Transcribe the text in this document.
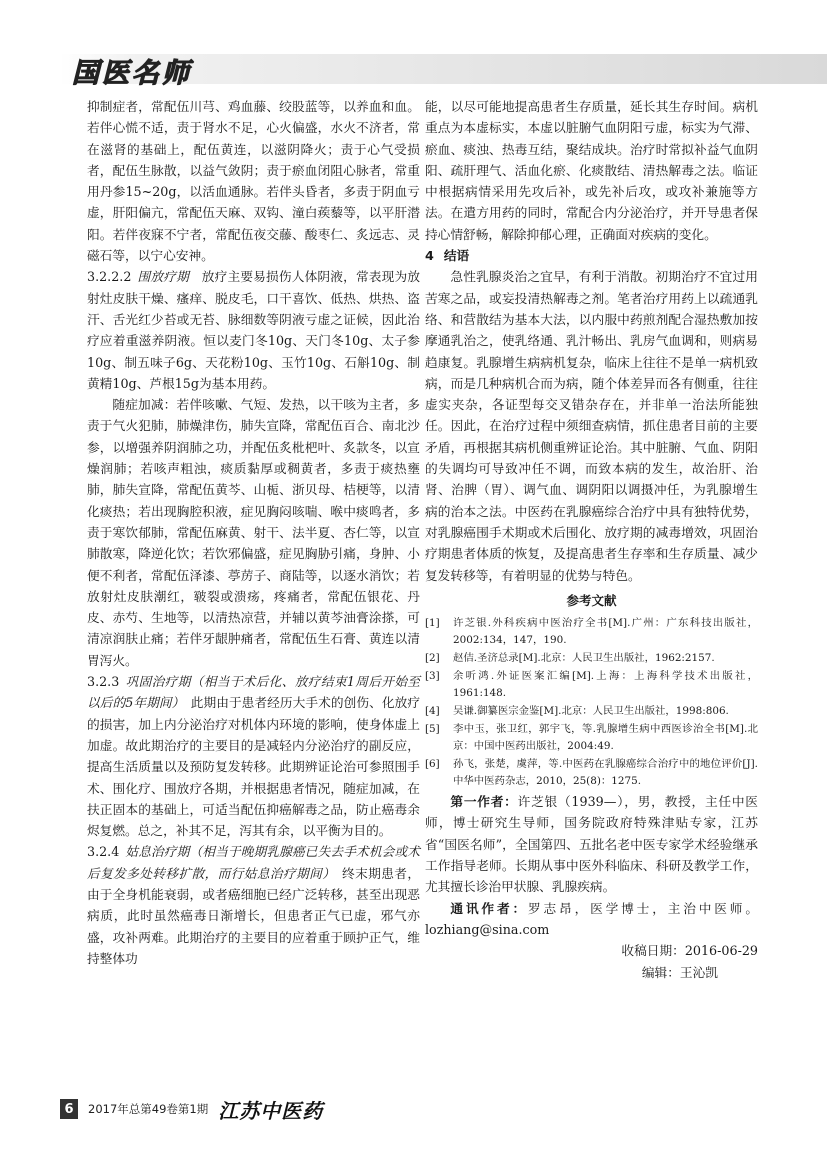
国医名师

抑制症者，常配伍川芎、鸡血藤、绞股蓝等，以养血和血。若伴心慌不适，责于肾水不足，心火偏盛，水火不济者，常在滋肾的基础上，配伍黄连，以滋阴降火；责于心气受损者，配伍生脉散，以益气敛阴；责于瘀血闭阻心脉者，常重用丹参15~20g，以活血通脉。若伴头昏者，多责于阴血亏虚，肝阳偏亢，常配伍天麻、双钩、潼白蒺藜等，以平肝潜阳。若伴夜寐不宁者，常配伍夜交藤、酸枣仁、炙远志、灵磁石等，以宁心安神。

3.2.2.2 围放疗期　 放疗主要易损伤人体阴液，常表现为放射灶皮肤干燥、瘙痒、脱皮毛，口干喜饮、低热、烘热、盗汗、舌光红少苔或无苔、脉细数等阴液亏虚之证候，因此治疗应着重滋养阴液。恒以麦门冬10g、天门冬10g、太子参10g、制五味子6g、天花粉10g、玉竹10g、石斛10g、制黄精10g、芦根15g为基本用药。

随症加减：若伴咳嗽、气短、发热，以干咳为主者，多责于气火犯肺，肺燥津伤，肺失宣降，常配伍百合、南北沙参，以增强养阴润肺之功，并配伍炙枇杷叶、炙款冬，以宣燥润肺；若咳声粗浊，痰质黏厚或稠黄者，多责于痰热壅肺，肺失宣降，常配伍黄芩、山栀、浙贝母、桔梗等，以清化痰热；若出现胸腔积液，症见胸闷咳喘、喉中痰鸣者，多责于寒饮郁肺，常配伍麻黄、射干、法半夏、杏仁等，以宣肺散寒，降逆化饮；若饮邪偏盛，症见胸胁引痛，身肿、小便不利者，常配伍泽漆、葶苈子、商陆等，以逐水消饮；若放射灶皮肤潮红，皲裂或溃疡，疼痛者，常配伍银花、丹皮、赤芍、生地等，以清热凉营，并辅以黄芩油膏涂搽，可清凉润肤止痛；若伴牙龈肿痛者，常配伍生石膏、黄连以清胃泻火。

3.2.3 巩固治疗期（相当于术后化、放疗结束1周后开始至以后的5年期间）　 此期由于患者经历大手术的创伤、化放疗的损害，加上内分泌治疗对机体内环境的影响，使身体虚上加虚。故此期治疗的主要目的是减轻内分泌治疗的副反应，提高生活质量以及预防复发转移。此期辨证论治可参照围手术、围化疗、围放疗各期，并根据患者情况，随症加减，在扶正固本的基础上，可适当配伍抑癌解毒之品，防止癌毒余烬复燃。总之，补其不足，泻其有余，以平衡为目的。

3.2.4 姑息治疗期（相当于晚期乳腺癌已失去手术机会或术后复发多处转移扩散，而行姑息治疗期间）　 终末期患者，由于全身机能衰弱，或者癌细胞已经广泛转移，甚至出现恶病质，此时虽然癌毒日渐增长，但患者正气已虚，邪气亦盛，攻补两难。此期治疗的主要目的应着重于顾护正气，维持整体功

能，以尽可能地提高患者生存质量，延长其生存时间。病机重点为本虚标实，本虚以脏腑气血阴阳亏虚，标实为气滞、瘀血、痰浊、热毒互结，聚结成块。治疗时常拟补益气血阴阳、疏肝理气、活血化瘀、化痰散结、清热解毒之法。临证中根据病情采用先攻后补，或先补后攻，或攻补兼施等方法。在遣方用药的同时，常配合内分泌治疗，并开导患者保持心情舒畅，解除抑郁心理，正确面对疾病的变化。

4 结语

急性乳腺炎治之宜早，有利于消散。初期治疗不宜过用苦寒之品，或妄投清热解毒之剂。笔者治疗用药上以疏通乳络、和营散结为基本大法，以内服中药煎剂配合湿热敷加按摩通乳治之，使乳络通、乳汁畅出、乳房气血调和，则病易趋康复。乳腺增生病病机复杂，临床上往往不是单一病机致病，而是几种病机合而为病，随个体差异而各有侧重，往往虚实夹杂，各证型每交叉错杂存在，并非单一治法所能独任。因此，在治疗过程中须细查病情，抓住患者目前的主要矛盾，再根据其病机侧重辨证论治。其中脏腑、气血、阴阳的失调均可导致冲任不调，而致本病的发生，故治肝、治肾、治脾（胃）、调气血、调阴阳以调摄冲任，为乳腺增生病的治本之法。中医药在乳腺癌综合治疗中具有独特优势，对乳腺癌围手术期或术后围化、放疗期的减毒增效，巩固治疗期患者体质的恢复，及提高患者生存率和生存质量、减少复发转移等，有着明显的优势与特色。

参考文献
[1]	许芝银.外科疾病中医治疗全书[M].广州：广东科技出版社，2002:134，147，190.
[2]	赵佶.圣济总录[M].北京：人民卫生出版社，1962:2157.
[3]	余听鸿.外证医案汇编[M].上海：上海科学技术出版社，1961:148.
[4]	吴谦.御纂医宗金鉴[M].北京：人民卫生出版社，1998:806.
[5]	李中玉，张卫红，郭宇飞，等.乳腺增生病中西医诊治全书[M].北京：中国中医药出版社，2004:49.
[6]	孙飞，张楚，虞萍，等.中医药在乳腺癌综合治疗中的地位评价[J].中华中医药杂志，2010，25(8)：1275.

第一作者：许芝银（1939—），男，教授，主任中医师，博士研究生导师，国务院政府特殊津贴专家，江苏省“国医名师”，全国第四、五批名老中医专家学术经验继承工作指导老师。长期从事中医外科临床、科研及教学工作，尤其擅长诊治甲状腺、乳腺疾病。

通讯作者：罗志昂，医学博士，主治中医师。lozhiang@sina.com

收稿日期：2016-06-29

编辑：王沁凯

6	2017年总第49卷第1期 江苏中医药
